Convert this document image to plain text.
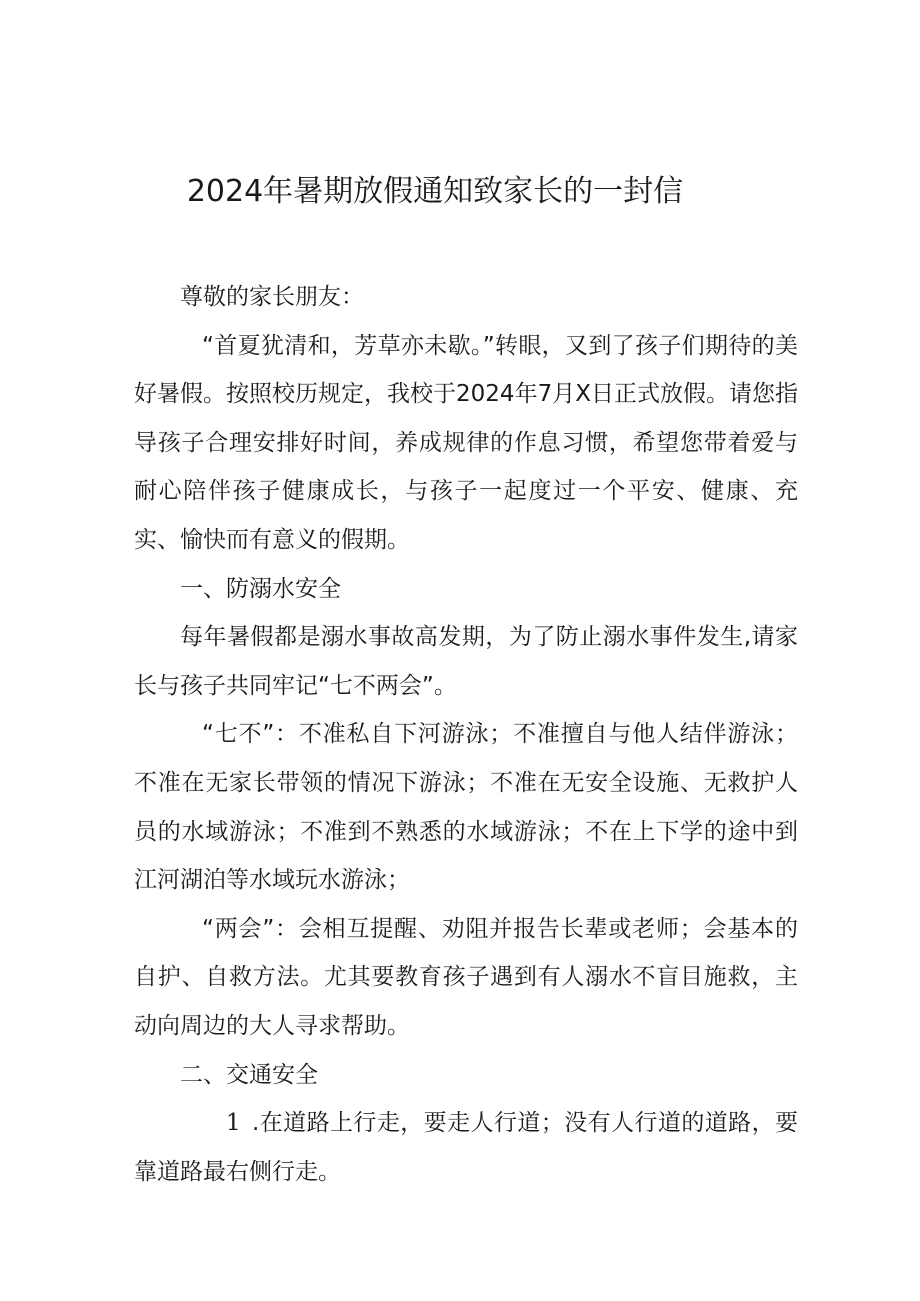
2024年暑期放假通知致家长的一封信

尊敬的家长朋友：

“首夏犹清和，芳草亦未歇。”转眼，又到了孩子们期待的美好暑假。按照校历规定，我校于2024年7月X日正式放假。请您指导孩子合理安排好时间，养成规律的作息习惯，希望您带着爱与耐心陪伴孩子健康成长，与孩子一起度过一个平安、健康、充实、愉快而有意义的假期。

一、防溺水安全

每年暑假都是溺水事故高发期，为了防止溺水事件发生,请家长与孩子共同牢记“七不两会”。

“七不”：不准私自下河游泳；不准擅自与他人结伴游泳；不准在无家长带领的情况下游泳；不准在无安全设施、无救护人员的水域游泳；不准到不熟悉的水域游泳；不在上下学的途中到江河湖泊等水域玩水游泳；

“两会”：会相互提醒、劝阻并报告长辈或老师；会基本的自护、自救方法。尤其要教育孩子遇到有人溺水不盲目施救，主动向周边的大人寻求帮助。

二、交通安全

1 .在道路上行走，要走人行道；没有人行道的道路，要靠道路最右侧行走。
